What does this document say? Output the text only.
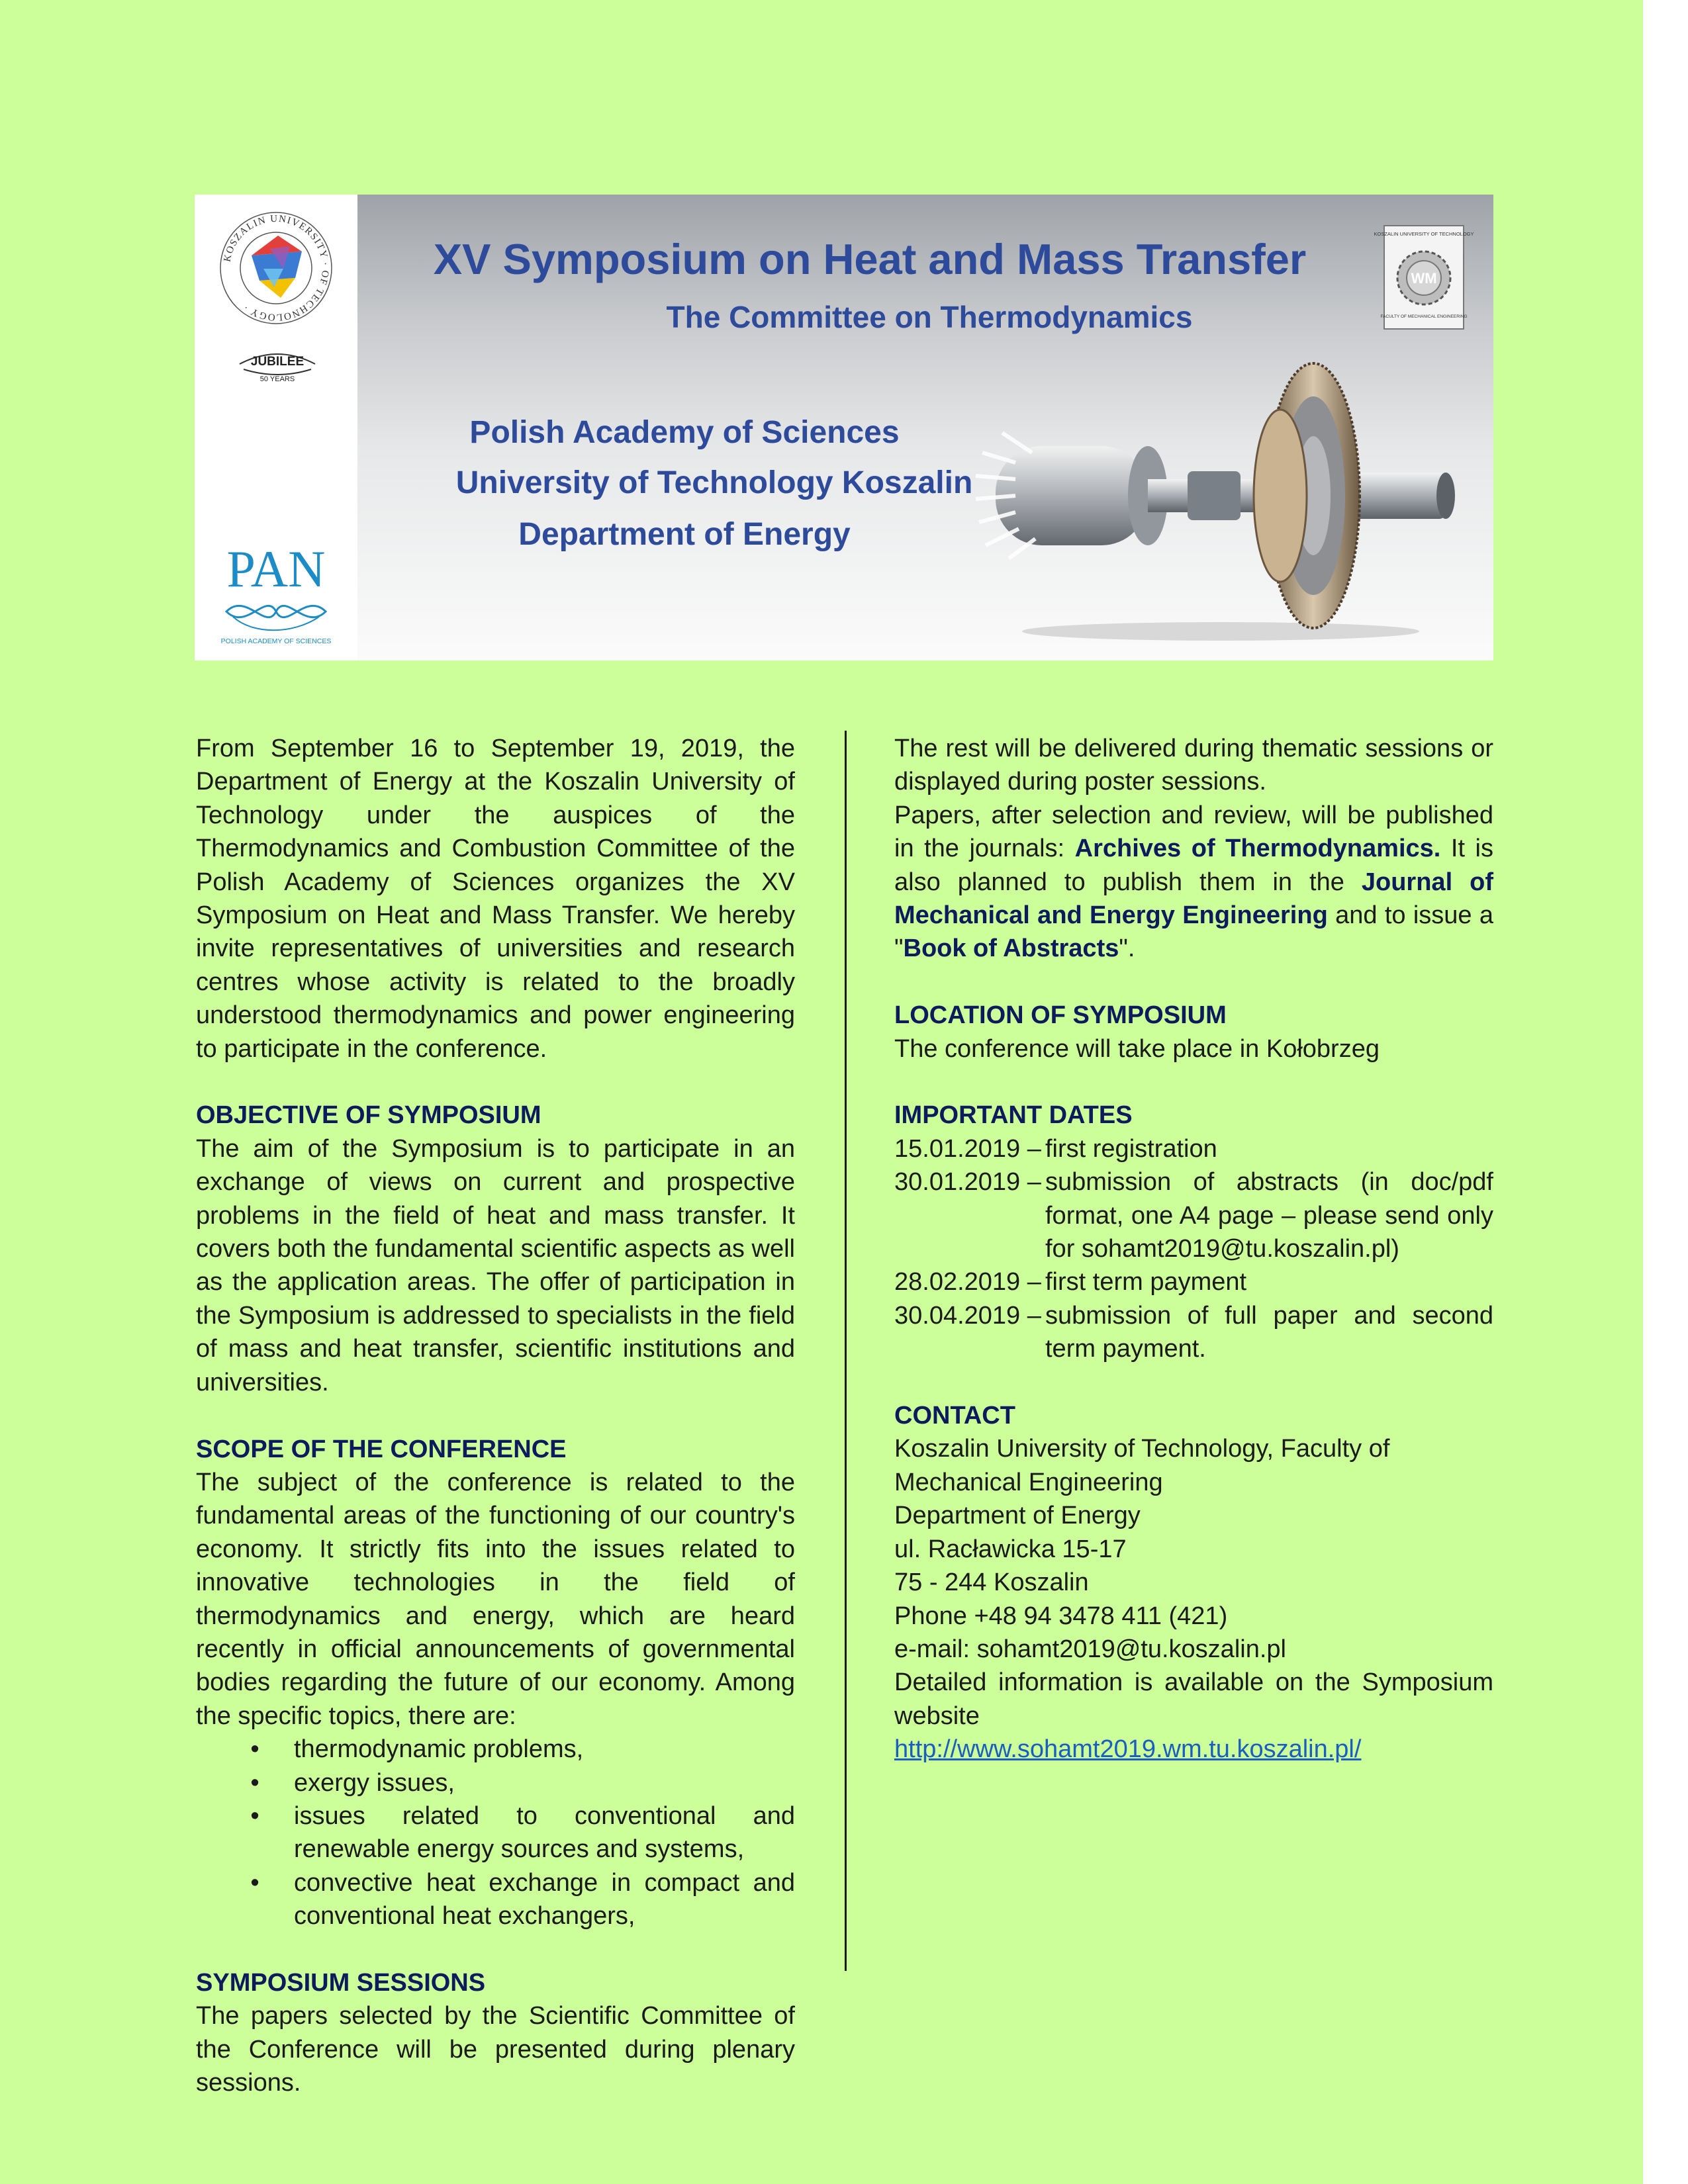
KOSZALIN UNIVERSITY · OF TECHNOLOGY ·
JUBILEE
50 YEARS
PAN
POLISH ACADEMY OF SCIENCES
XV Symposium on Heat and Mass Transfer
The Committee on Thermodynamics
Polish Academy of Sciences
University of Technology Koszalin
Department of Energy
KOSZALIN UNIVERSITY OF TECHNOLOGY
WM
FACULTY OF MECHANICAL ENGINEERING

From September 16 to September 19, 2019, the Department of Energy at the Koszalin University of Technology under the auspices of the Thermodynamics and Combustion Committee of the Polish Academy of Sciences organizes the XV Symposium on Heat and Mass Transfer. We hereby invite representatives of universities and research centres whose activity is related to the broadly understood thermodynamics and power engineering to participate in the conference.

OBJECTIVE OF SYMPOSIUM

The aim of the Symposium is to participate in an exchange of views on current and prospective problems in the field of heat and mass transfer. It covers both the fundamental scientific aspects as well as the application areas. The offer of participation in the Symposium is addressed to specialists in the field of mass and heat transfer, scientific institutions and universities.

SCOPE OF THE CONFERENCE

The subject of the conference is related to the fundamental areas of the functioning of our country's economy. It strictly fits into the issues related to innovative technologies in the field of thermodynamics and energy, which are heard recently in official announcements of governmental bodies regarding the future of our economy. Among the specific topics, there are:

• thermodynamic problems,
• exergy issues,
• issues related to conventional and renewable energy sources and systems,
• convective heat exchange in compact and conventional heat exchangers,
SYMPOSIUM SESSIONS

The papers selected by the Scientific Committee of the Conference will be presented during plenary sessions.

The rest will be delivered during thematic sessions or displayed during poster sessions.

Papers, after selection and review, will be published in the journals: Archives of Thermodynamics. It is also planned to publish them in the Journal of Mechanical and Energy Engineering and to issue a "Book of Abstracts".

LOCATION OF SYMPOSIUM

The conference will take place in Kołobrzeg

IMPORTANT DATES
15.01.2019 – first registration
30.01.2019 – submission of abstracts (in doc/pdf format, one A4 page – please send only for sohamt2019@tu.koszalin.pl)
28.02.2019 – first term payment
30.04.2019 – submission of full paper and second term payment.
CONTACT

Koszalin University of Technology, Faculty of Mechanical Engineering

Department of Energy

ul. Racławicka 15-17

75 - 244 Koszalin

Phone +48 94 3478 411 (421)

e-mail: sohamt2019@tu.koszalin.pl

Detailed information is available on the Symposium website

http://www.sohamt2019.wm.tu.koszalin.pl/
